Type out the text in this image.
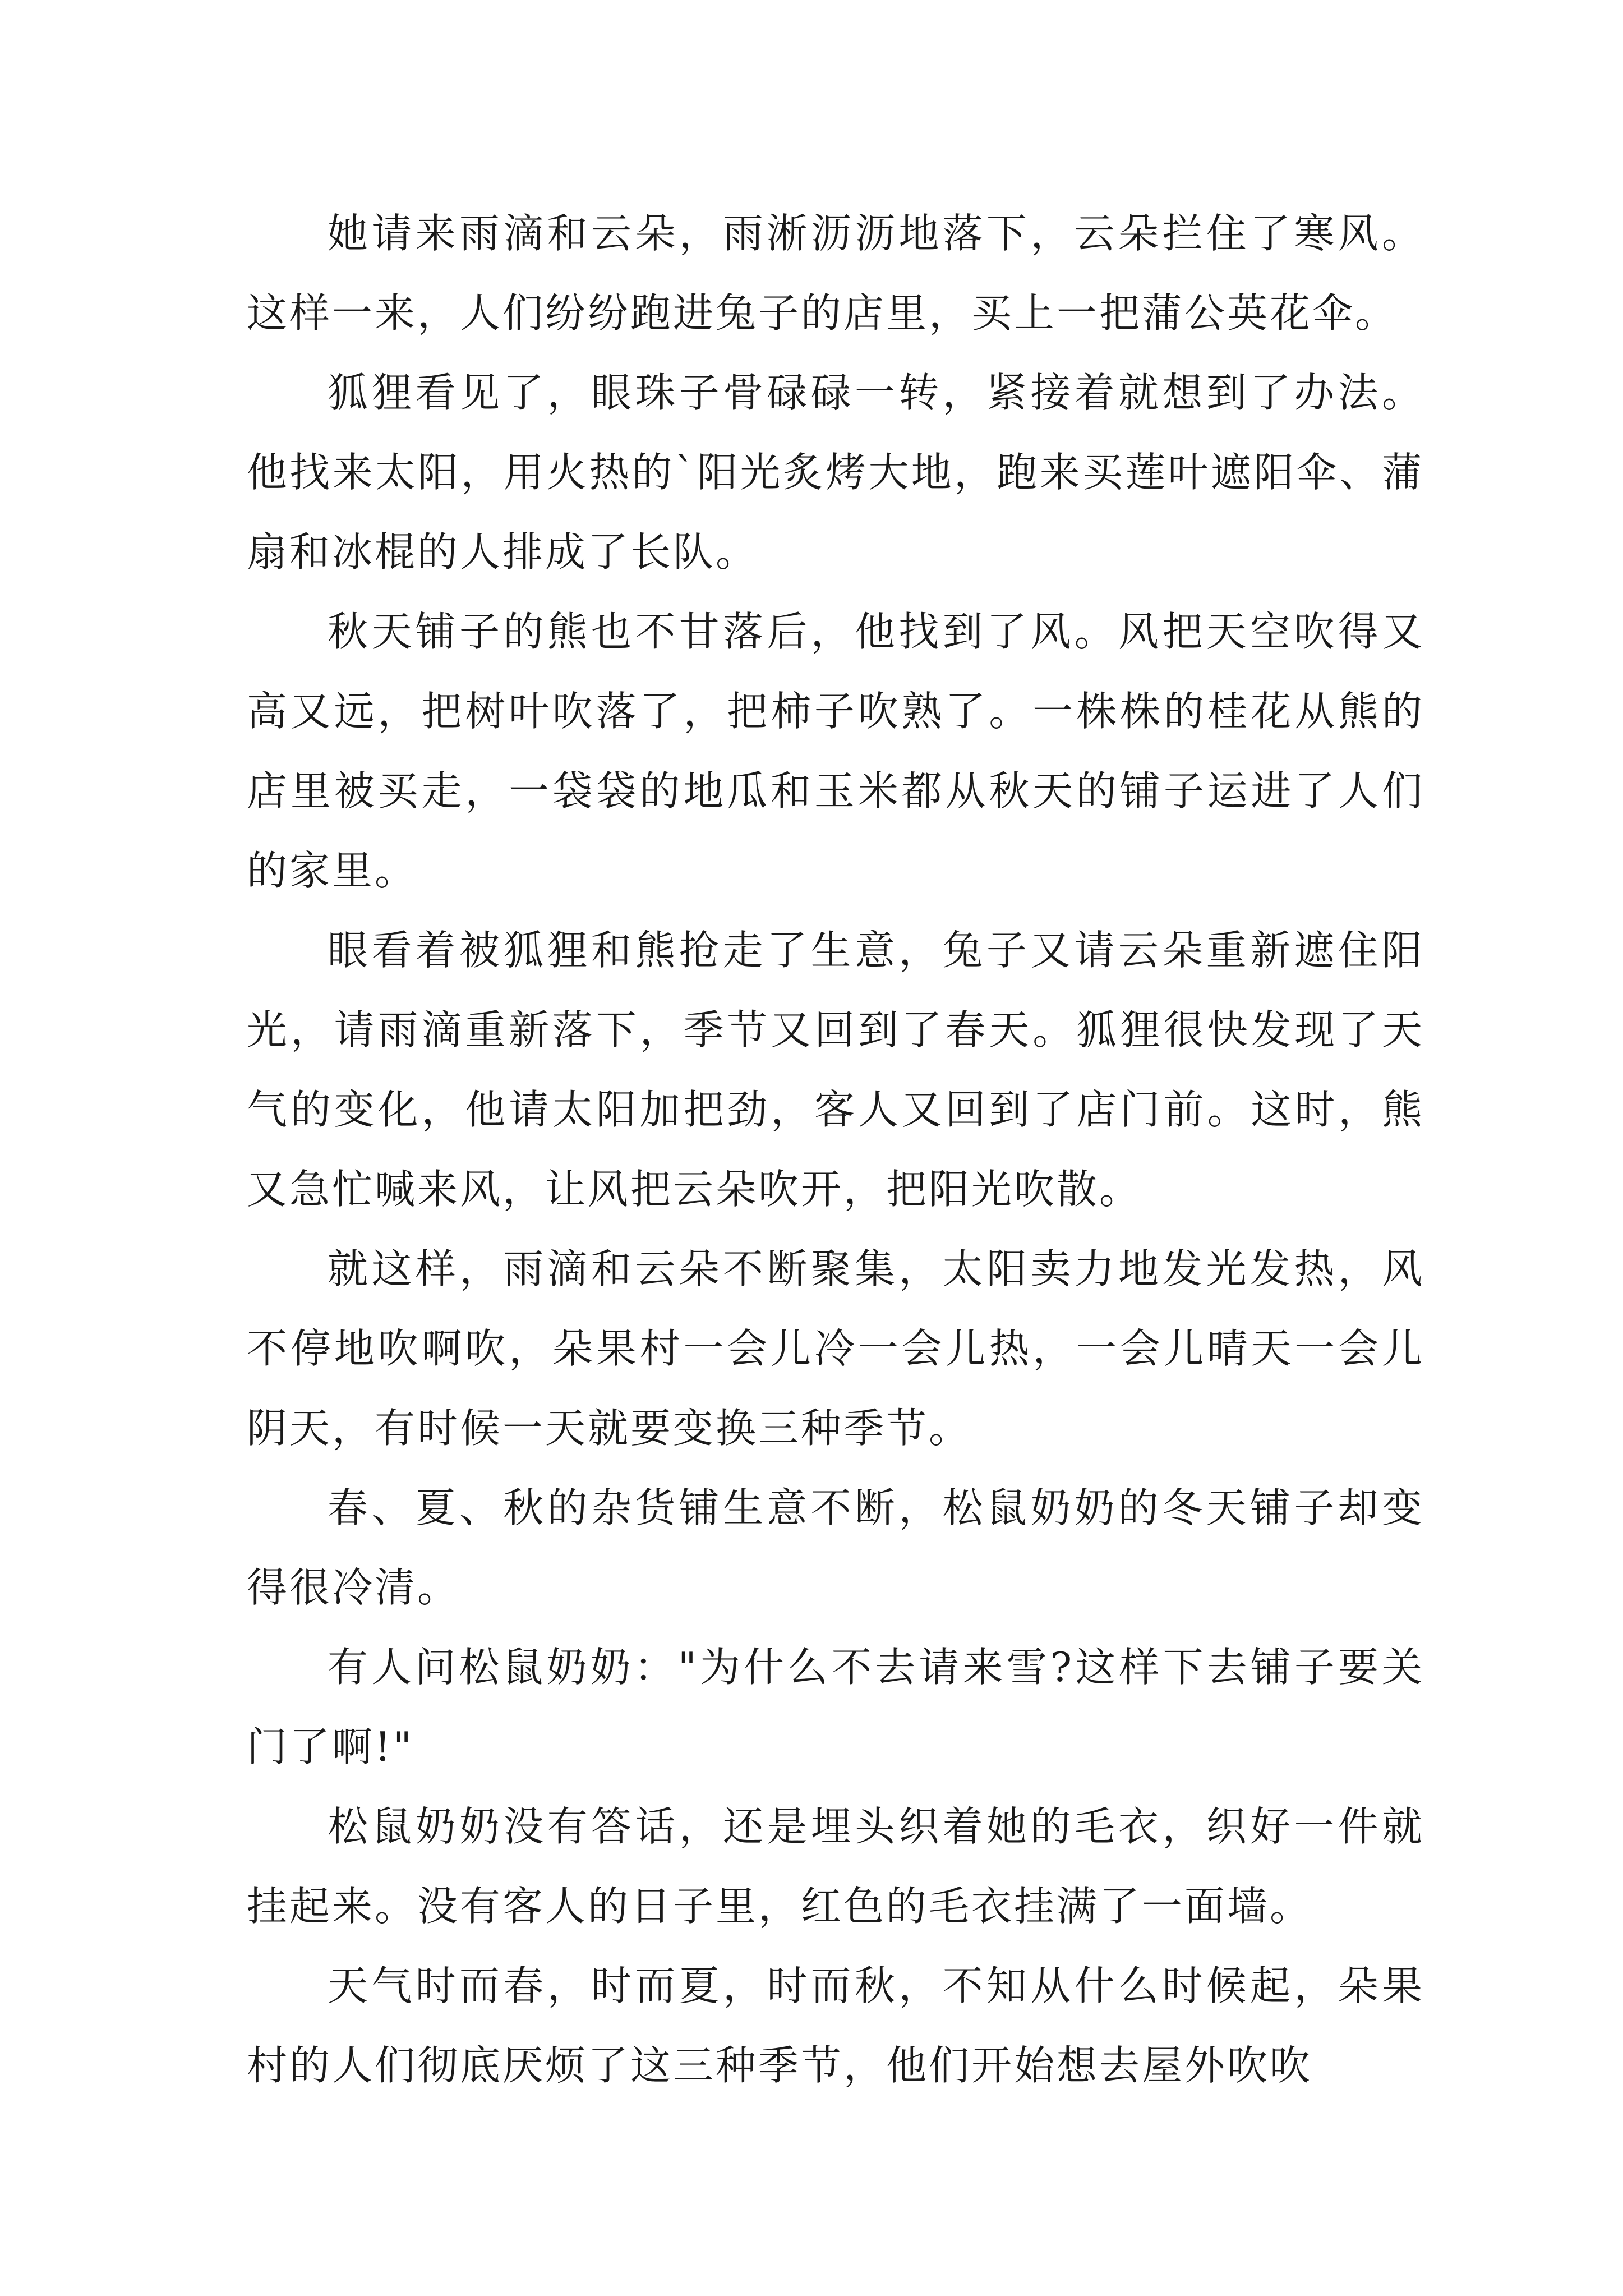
她请来雨滴和云朵，雨淅沥沥地落下，云朵拦住了寒风。这样一来，人们纷纷跑进兔子的店里，买上一把蒲公英花伞。

狐狸看见了，眼珠子骨碌碌一转，紧接着就想到了办法。他找来太阳，用火热的`阳光炙烤大地，跑来买莲叶遮阳伞、蒲扇和冰棍的人排成了长队。

秋天铺子的熊也不甘落后，他找到了风。风把天空吹得又高又远，把树叶吹落了，把柿子吹熟了。一株株的桂花从熊的店里被买走，一袋袋的地瓜和玉米都从秋天的铺子运进了人们的家里。

眼看着被狐狸和熊抢走了生意，兔子又请云朵重新遮住阳光，请雨滴重新落下，季节又回到了春天。狐狸很快发现了天气的变化，他请太阳加把劲，客人又回到了店门前。这时，熊又急忙喊来风，让风把云朵吹开，把阳光吹散。

就这样，雨滴和云朵不断聚集，太阳卖力地发光发热，风不停地吹啊吹，朵果村一会儿冷一会儿热，一会儿晴天一会儿阴天，有时候一天就要变换三种季节。

春、夏、秋的杂货铺生意不断，松鼠奶奶的冬天铺子却变得很冷清。

有人问松鼠奶奶："为什么不去请来雪?这样下去铺子要关门了啊!"

松鼠奶奶没有答话，还是埋头织着她的毛衣，织好一件就挂起来。没有客人的日子里，红色的毛衣挂满了一面墙。

天气时而春，时而夏，时而秋，不知从什么时候起，朵果村的人们彻底厌烦了这三种季节，他们开始想去屋外吹吹
